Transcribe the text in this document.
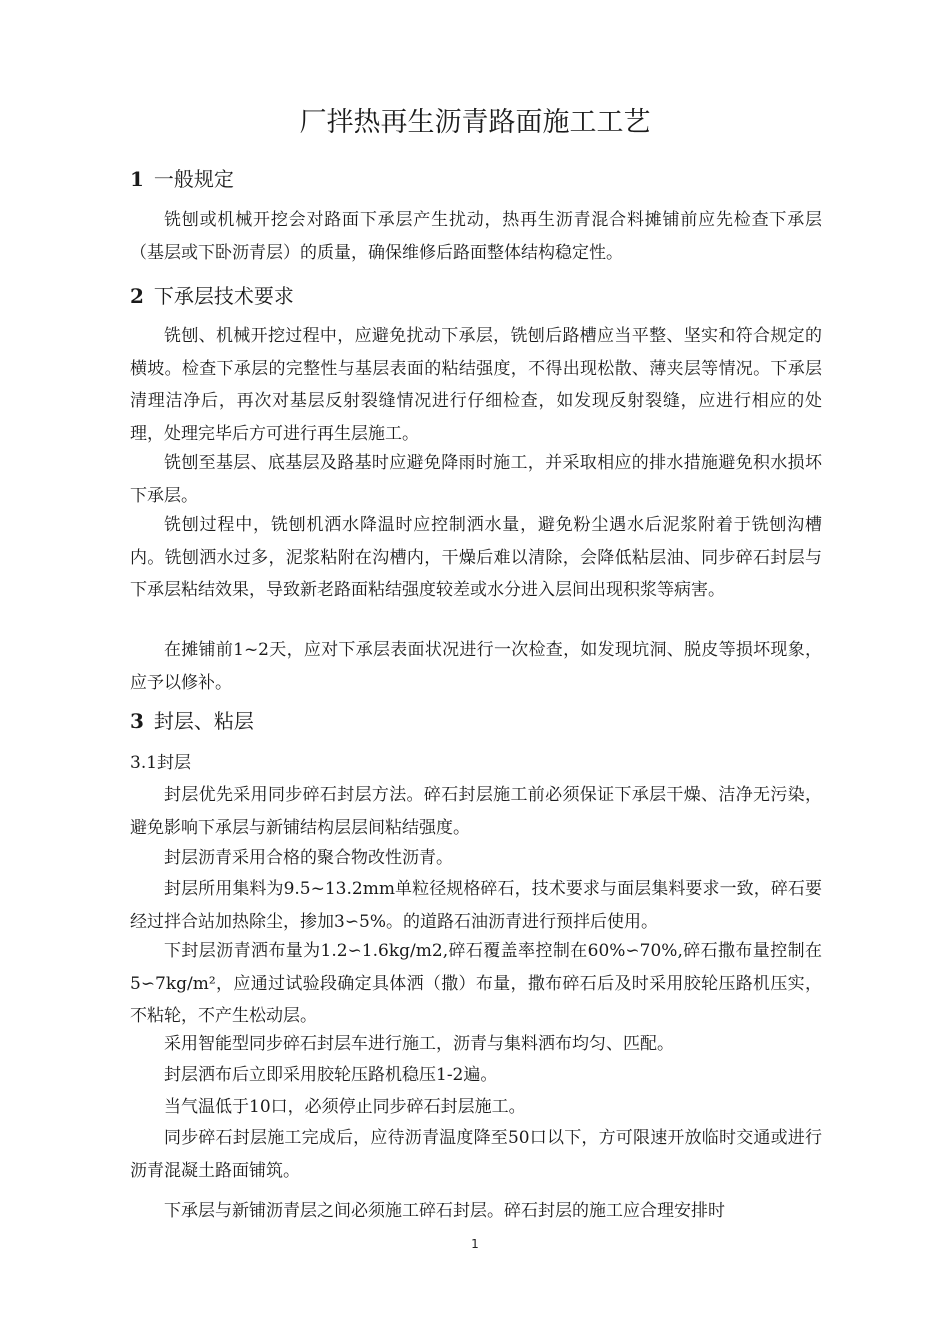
厂拌热再生沥青路面施工工艺
1 一般规定

铣刨或机械开挖会对路面下承层产生扰动，热再生沥青混合料摊铺前应先检查下承层（基层或下卧沥青层）的质量，确保维修后路面整体结构稳定性。

2 下承层技术要求

铣刨、机械开挖过程中，应避免扰动下承层，铣刨后路槽应当平整、坚实和符合规定的横坡。检查下承层的完整性与基层表面的粘结强度，不得出现松散、薄夹层等情况。下承层清理洁净后，再次对基层反射裂缝情况进行仔细检查，如发现反射裂缝，应进行相应的处理，处理完毕后方可进行再生层施工。

铣刨至基层、底基层及路基时应避免降雨时施工，并采取相应的排水措施避免积水损坏下承层。

铣刨过程中，铣刨机洒水降温时应控制洒水量，避免粉尘遇水后泥浆附着于铣刨沟槽内。铣刨洒水过多，泥浆粘附在沟槽内，干燥后难以清除，会降低粘层油、同步碎石封层与下承层粘结效果，导致新老路面粘结强度较差或水分进入层间出现积浆等病害。

在摊铺前1~2天，应对下承层表面状况进行一次检查，如发现坑洞、脱皮等损坏现象，应予以修补。

3 封层、粘层
3.1封层

封层优先采用同步碎石封层方法。碎石封层施工前必须保证下承层干燥、洁净无污染，避免影响下承层与新铺结构层层间粘结强度。

封层沥青采用合格的聚合物改性沥青。

封层所用集料为9.5~13.2mm单粒径规格碎石，技术要求与面层集料要求一致，碎石要经过拌合站加热除尘，掺加3∽5%。的道路石油沥青进行预拌后使用。

下封层沥青洒布量为1.2∽1.6kg/m2,碎石覆盖率控制在60%∽70%,碎石撒布量控制在5∽7kg/m²，应通过试验段确定具体洒（撒）布量，撒布碎石后及时采用胶轮压路机压实，不粘轮，不产生松动层。

采用智能型同步碎石封层车进行施工，沥青与集料洒布均匀、匹配。

封层洒布后立即采用胶轮压路机稳压1-2遍。

当气温低于10口，必须停止同步碎石封层施工。

同步碎石封层施工完成后，应待沥青温度降至50口以下，方可限速开放临时交通或进行沥青混凝土路面铺筑。

下承层与新铺沥青层之间必须施工碎石封层。碎石封层的施工应合理安排时

1
